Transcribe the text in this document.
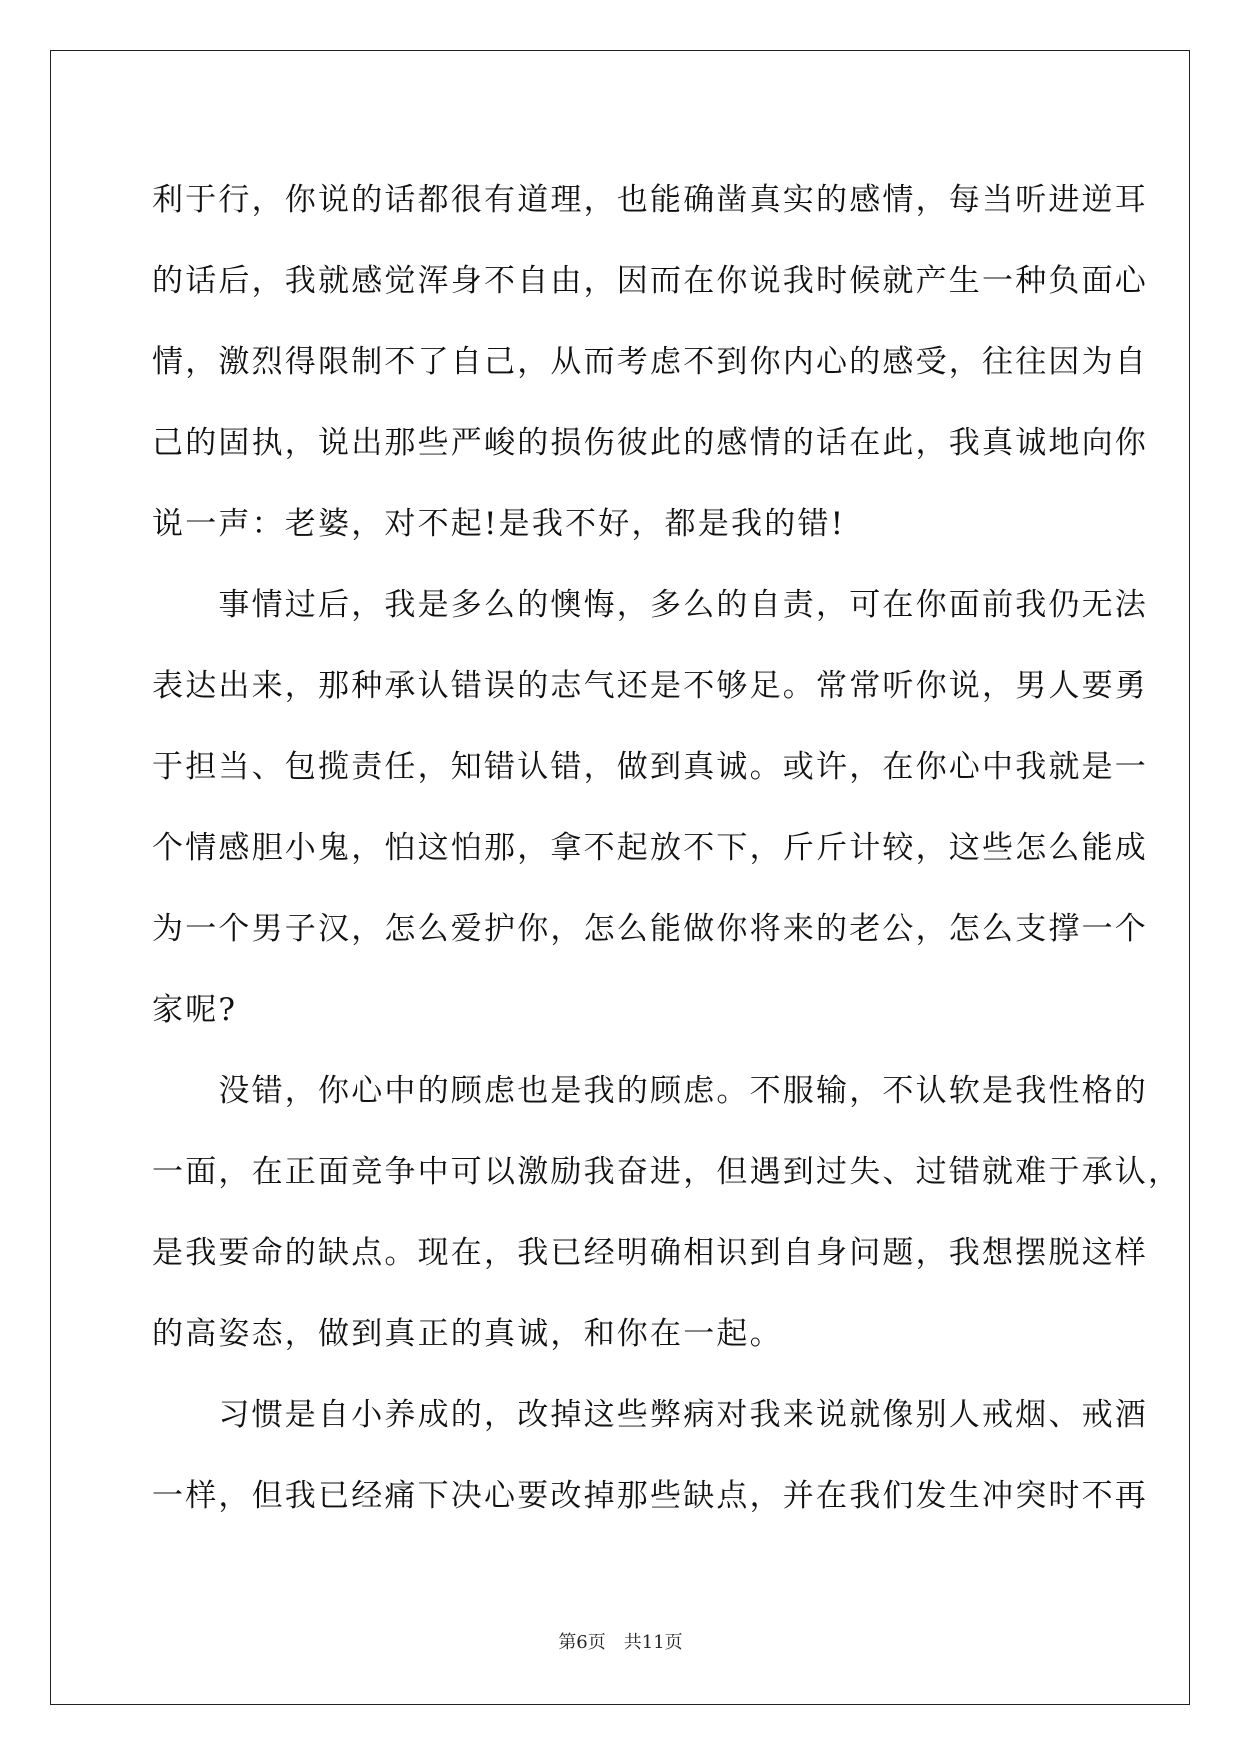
利于行，你说的话都很有道理，也能确凿真实的感情，每当听进逆耳
的话后，我就感觉浑身不自由，因而在你说我时候就产生一种负面心
情，激烈得限制不了自己，从而考虑不到你内心的感受，往往因为自
己的固执，说出那些严峻的损伤彼此的感情的话在此，我真诚地向你
说一声：老婆，对不起!是我不好，都是我的错!
　　事情过后，我是多么的懊悔，多么的自责，可在你面前我仍无法
表达出来，那种承认错误的志气还是不够足。常常听你说，男人要勇
于担当、包揽责任，知错认错，做到真诚。或许，在你心中我就是一
个情感胆小鬼，怕这怕那，拿不起放不下，斤斤计较，这些怎么能成
为一个男子汉，怎么爱护你，怎么能做你将来的老公，怎么支撑一个
家呢?
　　没错，你心中的顾虑也是我的顾虑。不服输，不认软是我性格的
一面，在正面竞争中可以激励我奋进，但遇到过失、过错就难于承认，
是我要命的缺点。现在，我已经明确相识到自身问题，我想摆脱这样
的高姿态，做到真正的真诚，和你在一起。
　　习惯是自小养成的，改掉这些弊病对我来说就像别人戒烟、戒酒
一样，但我已经痛下决心要改掉那些缺点，并在我们发生冲突时不再
第6页 共11页
